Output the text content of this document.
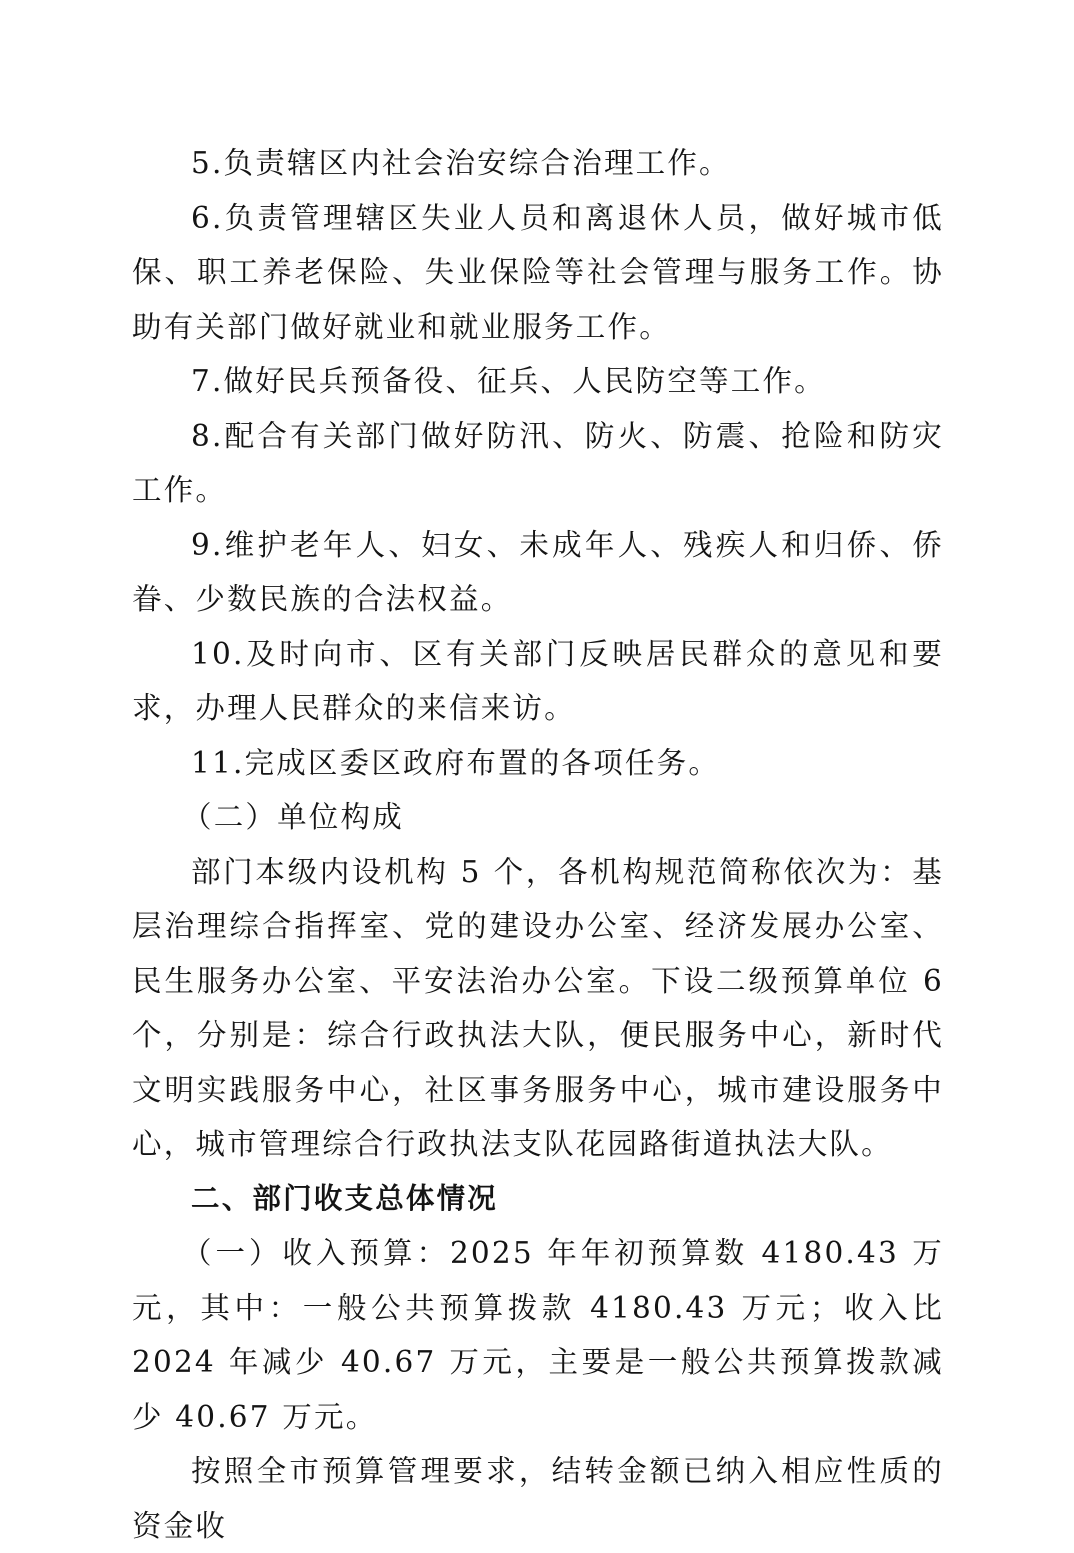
5.负责辖区内社会治安综合治理工作。

6.负责管理辖区失业人员和离退休人员，做好城市低保、职工养老保险、失业保险等社会管理与服务工作。协助有关部门做好就业和就业服务工作。

7.做好民兵预备役、征兵、人民防空等工作。

8.配合有关部门做好防汛、防火、防震、抢险和防灾工作。

9.维护老年人、妇女、未成年人、残疾人和归侨、侨眷、少数民族的合法权益。

10.及时向市、区有关部门反映居民群众的意见和要求，办理人民群众的来信来访。

11.完成区委区政府布置的各项任务。

（二）单位构成

部门本级内设机构 5 个，各机构规范简称依次为：基层治理综合指挥室、党的建设办公室、经济发展办公室、民生服务办公室、平安法治办公室。下设二级预算单位 6 个，分别是：综合行政执法大队，便民服务中心，新时代文明实践服务中心，社区事务服务中心，城市建设服务中心，城市管理综合行政执法支队花园路街道执法大队。

二、部门收支总体情况

（一）收入预算：2025 年年初预算数 4180.43 万元，其中：一般公共预算拨款 4180.43 万元；收入比 2024 年减少 40.67 万元，主要是一般公共预算拨款减少 40.67 万元。

按照全市预算管理要求，结转金额已纳入相应性质的资金收
